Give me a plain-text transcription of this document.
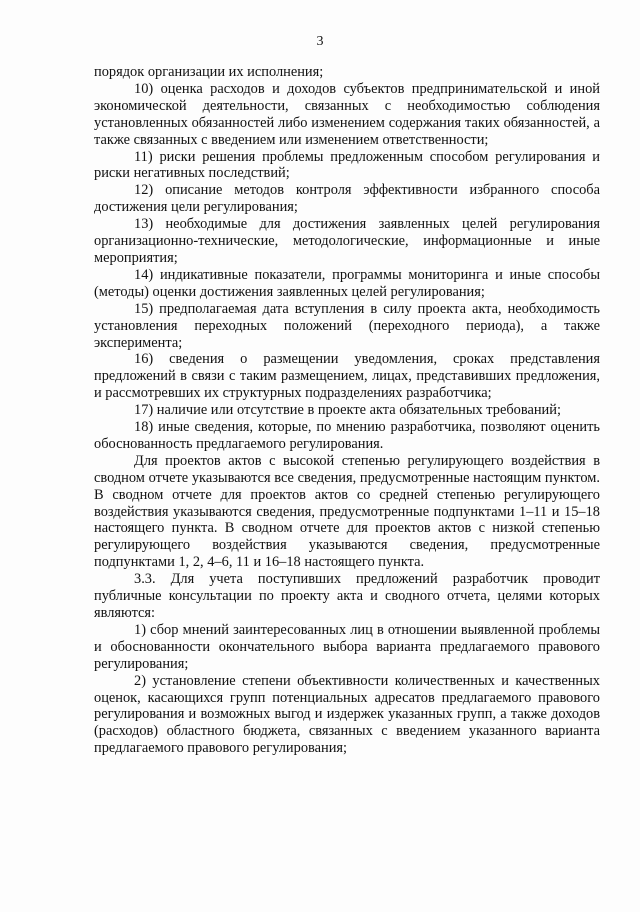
3

порядок организации их исполнения;

10) оценка расходов и доходов субъектов предпринимательской и иной экономической деятельности, связанных с необходимостью соблюдения установленных обязанностей либо изменением содержания таких обязанностей, а также связанных с введением или изменением ответственности;

11) риски решения проблемы предложенным способом регулирования и риски негативных последствий;

12) описание методов контроля эффективности избранного способа достижения цели регулирования;

13) необходимые для достижения заявленных целей регулирования организационно-технические, методологические, информационные и иные мероприятия;

14) индикативные показатели, программы мониторинга и иные способы (методы) оценки достижения заявленных целей регулирования;

15) предполагаемая дата вступления в силу проекта акта, необходимость установления переходных положений (переходного периода), а также эксперимента;

16) сведения о размещении уведомления, сроках представления предложений в связи с таким размещением, лицах, представивших предложения, и рассмотревших их структурных подразделениях разработчика;

17) наличие или отсутствие в проекте акта обязательных требований;

18) иные сведения, которые, по мнению разработчика, позволяют оценить обоснованность предлагаемого регулирования.

Для проектов актов с высокой степенью регулирующего воздействия в сводном отчете указываются все сведения, предусмотренные настоящим пунктом. В сводном отчете для проектов актов со средней степенью регулирующего воздействия указываются сведения, предусмотренные подпунктами 1–11 и 15–18 настоящего пункта. В сводном отчете для проектов актов с низкой степенью регулирующего воздействия указываются сведения, предусмотренные подпунктами 1, 2, 4–6, 11 и 16–18 настоящего пункта.

3.3. Для учета поступивших предложений разработчик проводит публичные консультации по проекту акта и сводного отчета, целями которых являются:

1) сбор мнений заинтересованных лиц в отношении выявленной проблемы и обоснованности окончательного выбора варианта предлагаемого правового регулирования;

2) установление степени объективности количественных и качественных оценок, касающихся групп потенциальных адресатов предлагаемого правового регулирования и возможных выгод и издержек указанных групп, а также доходов (расходов) областного бюджета, связанных с введением указанного варианта предлагаемого правового регулирования;
